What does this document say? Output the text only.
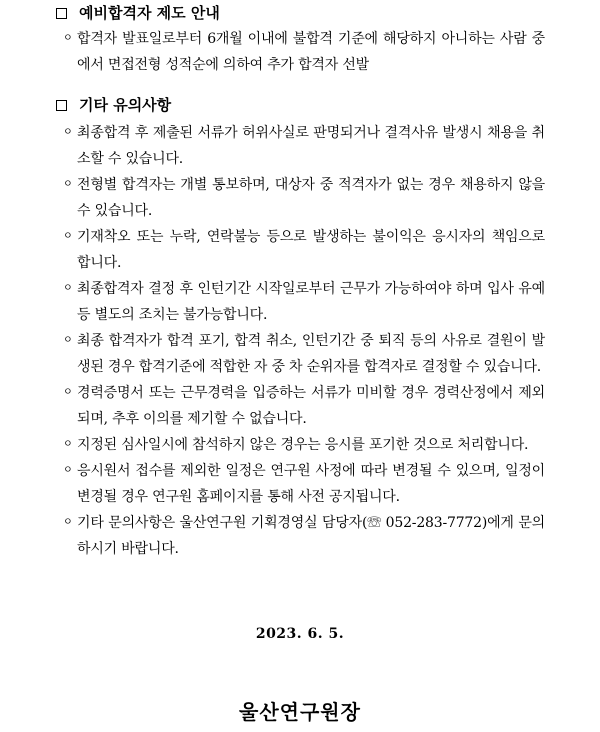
예비합격자 제도 안내
ㅇ 합격자 발표일로부터 6개월 이내에 불합격 기준에 해당하지 아니하는 사람 중에서 면접전형 성적순에 의하여 추가 합격자 선발
기타 유의사항
ㅇ 최종합격 후 제출된 서류가 허위사실로 판명되거나 결격사유 발생시 채용을 취소할 수 있습니다.
ㅇ 전형별 합격자는 개별 통보하며, 대상자 중 적격자가 없는 경우 채용하지 않을 수 있습니다.
ㅇ 기재착오 또는 누락, 연락불능 등으로 발생하는 불이익은 응시자의 책임으로 합니다.
ㅇ 최종합격자 결정 후 인턴기간 시작일로부터 근무가 가능하여야 하며 입사 유예 등 별도의 조치는 불가능합니다.
ㅇ 최종 합격자가 합격 포기, 합격 취소, 인턴기간 중 퇴직 등의 사유로 결원이 발생된 경우 합격기준에 적합한 자 중 차 순위자를 합격자로 결정할 수 있습니다.
ㅇ 경력증명서 또는 근무경력을 입증하는 서류가 미비할 경우 경력산정에서 제외되며, 추후 이의를 제기할 수 없습니다.
ㅇ 지정된 심사일시에 참석하지 않은 경우는 응시를 포기한 것으로 처리합니다.
ㅇ 응시원서 접수를 제외한 일정은 연구원 사정에 따라 변경될 수 있으며, 일정이 변경될 경우 연구원 홈페이지를 통해 사전 공지됩니다.
ㅇ 기타 문의사항은 울산연구원 기획경영실 담당자(☏ 052-283-7772)에게 문의하시기 바랍니다.
2023. 6. 5.
울산연구원장
